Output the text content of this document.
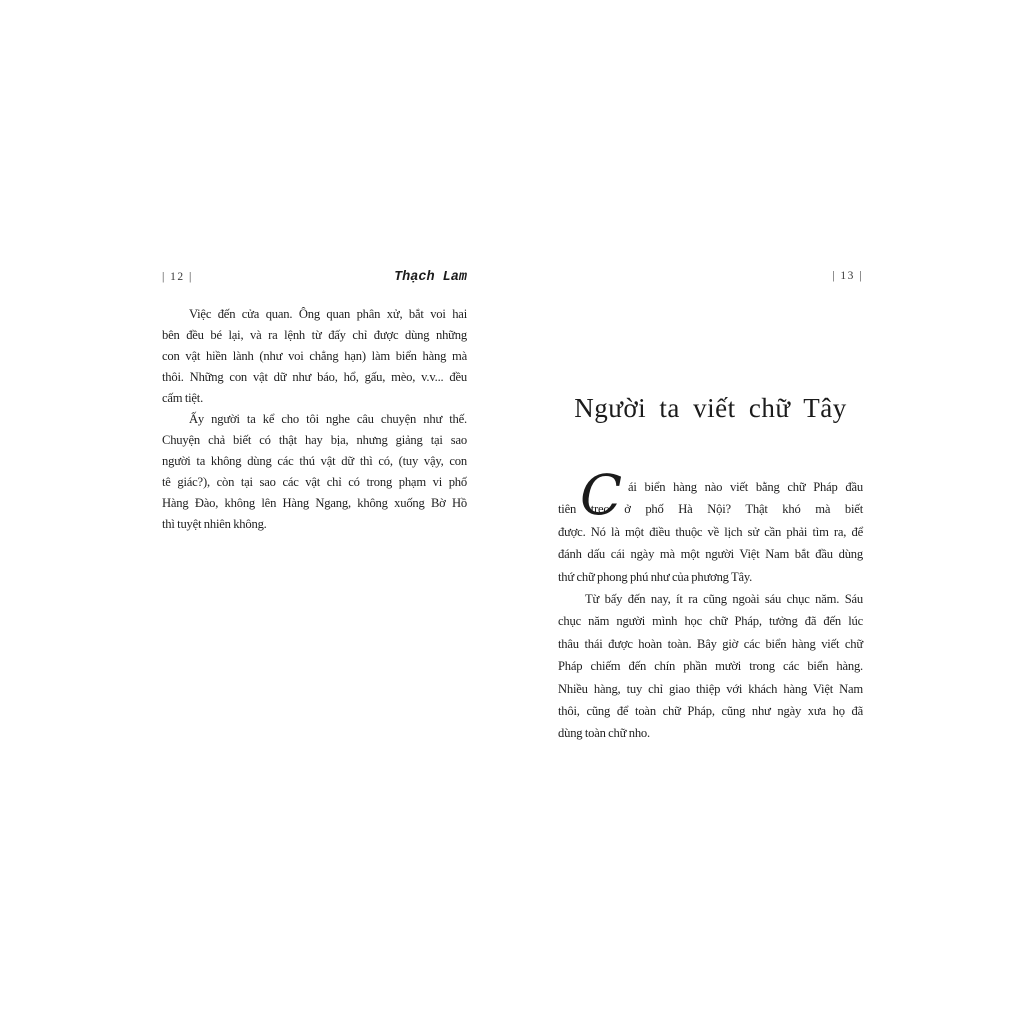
| 12 |	Thạch Lam
Việc đến cửa quan. Ông quan phân xử, bắt voi hai
bên đều bé lại, và ra lệnh từ đấy chỉ được dùng những
con vật hiền lành (như voi chẳng hạn) làm biển hàng mà
thôi. Những con vật dữ như báo, hổ, gấu, mèo, v.v... đều
cấm tiệt.
Ấy người ta kể cho tôi nghe câu chuyện như thế.
Chuyện chả biết có thật hay bịa, nhưng giảng tại sao
người ta không dùng các thú vật dữ thì có, (tuy vậy, con
tê giác?), còn tại sao các vật chỉ có trong phạm vi phố
Hàng Đào, không lên Hàng Ngang, không xuống Bờ Hồ
thì tuyệt nhiên không.
| 13 |
Người ta viết chữ Tây
C ái biển hàng nào viết bằng chữ Pháp đầu
tiên treo ở phố Hà Nội? Thật khó mà biết
được. Nó là một điều thuộc về lịch sử cần phải tìm ra, để
đánh dấu cái ngày mà một người Việt Nam bắt đầu dùng
thứ chữ phong phú như của phương Tây.
Từ bấy đến nay, ít ra cũng ngoài sáu chục năm. Sáu
chục năm người mình học chữ Pháp, tưởng đã đến lúc
thâu thái được hoàn toàn. Bây giờ các biển hàng viết chữ
Pháp chiếm đến chín phần mười trong các biển hàng.
Nhiều hàng, tuy chỉ giao thiệp với khách hàng Việt Nam
thôi, cũng để toàn chữ Pháp, cũng như ngày xưa họ đã
dùng toàn chữ nho.
